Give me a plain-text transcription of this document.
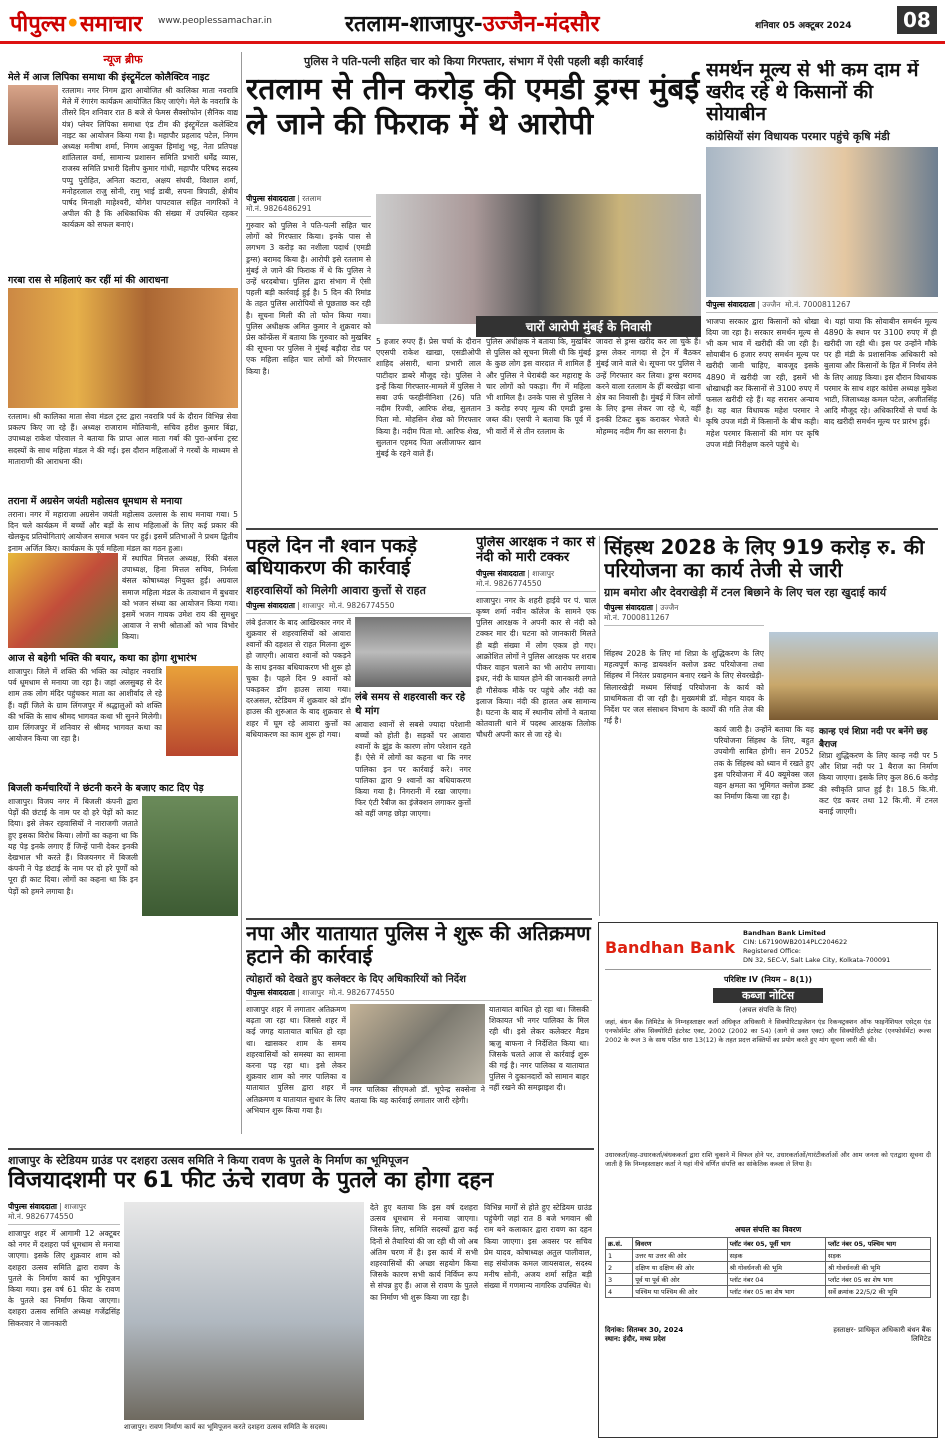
पीपुल्स•समाचार www.peoplessamachar.in	रतलाम-शाजापुर-उज्जैन-मंदसौर	शनिवार 05 अक्टूबर 2024	08
न्यूज ब्रीफ
मेले में आज लिपिका समाधा की इंस्ट्रूमेंटल कोलैक्टिव नाइट
रतलाम। नगर निगम द्वारा आयोजित श्री कालिका माता नवरात्रि मेले में रंगारंग कार्यक्रम आयोजित किए जाएंगे। मेले के नवरात्रि के तीसरे दिन शनिवार रात 8 बजे से फेमस सैक्सोफोन (सैनिक वाद्य यंत्र) प्लेयर लिपिका समाधा एंड टीम की इंस्ट्रूमेंटल कलेक्टिव नाइट का आयोजन किया गया है। महापौर प्रहलाद पटेल, निगम अध्यक्ष मनीषा शर्मा, निगम आयुक्त हिमांशु भट्ट, नेता प्रतिपक्ष शांतिलाल वर्मा, सामान्य प्रशासन समिति प्रभारी धर्मेंद्र व्यास, राजस्व समिति प्रभारी दिलीप कुमार गांधी, महापौर परिषद सदस्य पप्पु पुरोहित, अनिता कटारा, अक्षय संघवी, विशाल शर्मा, मनोहरलाल राजु सोनी, रामु भाई डाबी, सपना त्रिपाठी, क्षेत्रीय पार्षद मिनाक्षी माहेश्वरी, योगेश पापटवाल सहित नागरिकों ने अपील की है कि अधिकाधिक की संख्या में उपस्थित रहकर कार्यक्रम को सफल बनाएं।
गरबा रास से महिलाएं कर रहीं मां की आराधना
रतलाम। श्री कालिका माता सेवा मंडल ट्रस्ट द्वारा नवरात्रि पर्व के दौरान विभिन्न सेवा प्रकल्प किए जा रहे हैं। अध्यक्ष राजाराम मोतियानी, सचिव हरीश कुमार बिंद्रा, उपाध्यक्ष राकेश पोरवाल ने बताया कि प्राप्त आल माता गर्बा की पुरा-अर्चना ट्रस्ट सदस्यों के साथ महिला मंडल ने की गई। इस दौरान महिलाओं ने गरबों के माध्यम से माताराणी की आराधना की।
तराना में अग्रसेन जयंती महोत्सव धूमधाम से मनाया
तराना। नगर में महाराजा अग्रसेन जयंती महोत्सव उल्लास के साथ मनाया गया। 5 दिन चले कार्यक्रम में बच्चों और बड़ों के साथ महिलाओं के लिए कई प्रकार की खेलकूद प्रतियोगिताएं आयोजन समाज भवन पर हुई। इसमें प्रतिभाओं ने प्रथम द्वितीय इनाम अर्जित किए। कार्यक्रम के पूर्व महिला मंडल का गठन हुआ।
में स्थापित मित्तल अध्यक्ष, रिंकी बंसल उपाध्यक्ष, हिना मित्तल सचिव, निर्मला बंसल कोषाध्यक्ष नियुक्त हुईं। अग्रवाल समाज महिला मंडल के तत्वाधान में बुधवार को भजन संध्या का आयोजन किया गया। इसमें भजन गायक उमेश राय की सुमधुर आवाज ने सभी श्रोताओं को भाव विभोर किया।
आज से बहेगी भक्ति की बयार, कथा का होगा शुभारंभ
शाजापुर। जिले में शक्ति की भक्ति का त्योहार नवरात्रि पर्व धूमधाम से मनाया जा रहा है। जहां अलसुबह से देर शाम तक लोग मंदिर पहुंचकर माता का आशीर्वाद ले रहे हैं। वहीं जिले के ग्राम लिंगजपुर में श्रद्धालुओं को शक्ति की भक्ति के साथ श्रीमद भागवत कथा भी सुनने मिलेगी। ग्राम लिंगजपुर में शनिवार से श्रीमद भागवत कथा का आयोजन किया जा रहा है।
बिजली कर्मचारियों ने छंटनी करने के बजाए काट दिए पेड़
शाजापुर। विजय नगर में बिजली कंपनी द्वारा पेड़ों की छंटाई के नाम पर दो हरे पेड़ों को काट दिया। इसे लेकर रहवासियों ने नाराजगी जताते हुए इसका विरोध किया। लोगों का कहना था कि यह पेड़ इनके लगाए हैं जिन्हें पानी देकर इनकी देखभाल भी करते हैं। विजयनगर में बिजली कंपनी ने पेड़ छंटाई के नाम पर दो हरे पूर्णों को पूरा ही काट दिया। लोगों का कहना था कि इन पेड़ों को हमने लगाया है।
पुलिस ने पति-पत्नी सहित चार को किया गिरफ्तार, संभाग में ऐसी पहली बड़ी कार्रवाई
रतलाम से तीन करोड़ की एमडी ड्रग्स मुंबई ले जाने की फिराक में थे आरोपी
पीपुल्स संवाददाता | रतलाम
मो.नं. 9826486291
गुरुवार को पुलिस ने पति-पत्नी सहित चार लोगों को गिरफ्तार किया। इनके पास से लगभग 3 करोड़ का नशीला पदार्थ (एमडी ड्रग्स) बरामद किया है। आरोपी इसे रतलाम से मुंबई ले जाने की फिराक में थे कि पुलिस ने उन्हें धरदबोचा। पुलिस द्वारा संभाग में ऐसी पहली बड़ी कार्रवाई हुई है। 5 दिन की रिमांड के तहत पुलिस आरोपियों से पूछताछ कर रही है। सूचना मिली की तो फोन किया गया। पुलिस अधीक्षक अमित कुमार ने शुक्रवार को प्रेस कॉन्फ्रेंस में बताया कि गुरुवार को मुखबिर की सूचना पर पुलिस ने मुंबई बड़ौदा रोड पर एक महिला सहित चार लोगों को गिरफ्तार किया है।
चारों आरोपी मुंबई के निवासी
5 हजार रुपए हैं। प्रेस चर्चा के दौरान एएसपी राकेश खाखा, एसडीओपी शाहिद अंसारी, थाना प्रभारी लाल पाटीदार डाबरे मौजूद रहे। पुलिस ने इन्हें किया गिरफ्तार-मामले में पुलिस ने सबा उर्फ फरहीनीनिशा (26) पति नदीम रिज्वी, आरिफ शेख, सुलतान पिता मो. मोहसिन शेख को गिरफ्तार किया है। नदीम पिता मो. आरिफ शेख, सुलतान एहमद पिता अलीजाफर खान मुंबई के रहने वाले हैं।
पुलिस अधीक्षक ने बताया कि, मुखबिर से पुलिस को सूचना मिली थी कि मुंबई के कुछ लोग इस वारदात में शामिल हैं और पुलिस ने घेराबंदी कर महाराष्ट्र के चार लोगों को पकड़ा। गैंग में महिला भी शामिल है। उनके पास से पुलिस ने 3 करोड़ रुपए मूल्य की एमडी ड्रग्स जब्त की। एसपी ने बताया कि पूर्व में भी वारों में से तीन रतलाम के
जावरा से ड्रग्स खरीद कर ला चुके हैं। ड्रग्स लेकर नागदा से ट्रेन में बैठकर मुंबई जाने वाले थे। सूचना पर पुलिस ने उन्हें गिरफ्तार कर लिया। ड्रग्स बरामद करने वाला रतलाम के हीं बरखेड़ा थाना क्षेत्र का निवासी है। मुंबई में जिन लोगों के लिए ड्रग्स लेकर जा रहे थे, वहीं इनकी टिकट बुक कराकर भेजते थे। मोहम्मद नदीम गैंग का सरगना है।
समर्थन मूल्य से भी कम दाम में खरीद रहे थे किसानों की सोयाबीन
कांग्रेसियों संग विधायक परमार पहुंचे कृषि मंडी
पीपुल्स संवाददाता | उज्जैन मो.नं. 7000811267
भाजपा सरकार द्वारा किसानों को धोखा दिया जा रहा है। सरकार समर्थन मूल्य से भी कम भाव में खरीदी की जा रही है। सोयाबीन 6 हजार रुपए समर्थन मूल्य पर खरीदी जानी चाहिए, बावजूद इसके 4890 में खरीदी जा रही, इसमें भी धोखाधड़ी कर किसानों से 3100 रुपए में फसल खरीदी रहे हैं। यह सरासर अन्याय है। यह बात विधायक महेश परमार ने कृषि उपज मंडी में किसानों के बीच कही। महेश परमार किसानों की मांग पर कृषि उपज मंडी निरीक्षण करने पहुंचे थे।
थे। यहां पाया कि सोयाबीन समर्थन मूल्य 4890 के स्थान पर 3100 रुपए में ही खरीदी जा रही थी। इस पर उन्होंने मौके पर ही मंडी के प्रशासनिक अधिकारी को बुलाया और किसानों के हित में निर्णय लेने के लिए आग्रह किया। इस दौरान विधायक परमार के साथ शहर कांग्रेस अध्यक्ष मुकेश भाटी, जिलाध्यक्ष कमल पटेल, अजीतसिंह आदि मौजूद रहे। अधिकारियों से चर्चा के बाद खरीदी समर्थन मूल्य पर प्रारंभ हुई।
पहले दिन नौ श्वान पकड़े बधियाकरण की कार्रवाई
शहरवासियों को मिलेगी आवारा कुत्तों से राहत
पीपुल्स संवाददाता | शाजापुर मो.नं. 9826774550
लंबे इंतजार के बाद आखिरकार नगर में शुक्रवार से शहरवासियों को आवारा श्वानों की दहशत से राहत मिलना शुरू हो जाएगी। आवारा श्वानों को पकड़ने के साथ इनका बधियाकरण भी शुरू हो चुका है। पहले दिन 9 श्वानों को पकड़कर डॉग हाउस लाया गया। दरअसल, स्टेडियम में शुक्रवार को डॉग हाउस की शुरुआत के बाद शुक्रवार से शहर में घूम रहे आवारा कुत्तों का बधियाकरण का काम शुरू हो गया।
लंबे समय से शहरवासी कर रहे थे मांग
आवारा श्वानों से सबसे ज्यादा परेशानी बच्चों को होती है। सड़कों पर आवारा श्वानों के झुंड के कारण लोग परेशान रहते हैं। ऐसे में लोगों का कहना था कि नगर पालिका इन पर कार्रवाई करे। नगर पालिका द्वारा 9 श्वानों का बधियाकरण किया गया है। निगरानी में रखा जाएगा। फिर एंटी रैबीज का इंजेक्शन लगाकर कुत्तों को वहीं जगह छोड़ा जाएगा।
पुलिस आरक्षक ने कार से नंदी को मारी टक्कर
पीपुल्स संवाददाता | शाजापुर
मो.नं. 9826774550
शाजापुर। नगर के शहरी हाईवे पर पं. चाल कृष्ण शर्मा नवीन कॉलेज के सामने एक पुलिस आरक्षक ने अपनी कार से नंदी को टक्कर मार दी। घटना को जानकारी मिलते ही बड़ी संख्या में लोग एकत्र हो गए। आक्रोशित लोगों ने पुलिस आरक्षक पर शराब पीकर वाहन चलाने का भी आरोप लगाया। इधर, नंदी के घायल होने की जानकारी लगते ही गौसेवक मौके पर पहुंचे और नंदी का इलाज किया। नंदी की हालत अब सामान्य है। घटना के बाद में स्थानीय लोगों ने बताया कोतवाली थाने में पदस्थ आरक्षक तिलोक चौधरी अपनी कार से जा रहे थे।
सिंहस्थ 2028 के लिए 919 करोड़ रु. की परियोजना का कार्य तेजी से जारी
ग्राम बमोरा और देवराखेड़ी में टनल बिछाने के लिए चल रहा खुदाई कार्य
पीपुल्स संवाददाता | उज्जैन
मो.नं. 7000811267
सिंहस्थ 2028 के लिए मां शिप्रा के शुद्धिकरण के लिए महत्वपूर्ण कान्ह डायवर्शन क्लोज डक्ट परियोजना तथा सिंहस्थ में निरंतर प्रवाहमान बनाए रखने के लिए सेवरखेड़ी-सिलारखेड़ी मध्यम सिंचाई परियोजना के कार्य को प्राथमिकता दी जा रही है। मुख्यमंत्री डॉ. मोहन यादव के निर्देश पर जल संसाधन विभाग के कार्यों की गति तेज की गई है।
कार्य जारी है। उन्होंने बताया कि यह परियोजना सिंहस्थ के लिए, बहुत उपयोगी साबित होगी। सन 2052 तक के सिंहस्थ को ध्यान में रखते हुए इस परियोजना में 40 क्यूमेक्स जल वहन क्षमता का भूमिगत क्लोज डक्ट का निर्माण किया जा रहा है।
कान्ह एवं शिप्रा नदी पर बनेंगे छह बैराज
शिप्रा शुद्धिकरण के लिए कान्ह नदी पर 5 और शिप्रा नदी पर 1 बैराज का निर्माण किया जाएगा। इसके लिए कुल 86.6 करोड़ की स्वीकृति प्राप्त हुई है। 18.5 कि.मी. कट एंड कवर तथा 12 कि.मी. में टनल बनाई जाएगी।
नपा और यातायात पुलिस ने शुरू की अतिक्रमण हटाने की कार्रवाई
त्योहारों को देखते हुए कलेक्टर के दिए अधिकारियों को निर्देश
पीपुल्स संवाददाता | शाजापुर मो.नं. 9826774550
शाजापुर शहर में लगातार अतिक्रमण बढ़ता जा रहा था। जिससे शहर में कई जगह यातायात बाधित हो रहा था। खासकर शाम के समय शहरवासियों को समस्या का सामना करना पड़ रहा था। इसे लेकर शुक्रवार शाम को नगर पालिका व यातायात पुलिस द्वारा शहर में अतिक्रमण व यातायात सुधार के लिए अभियान शुरू किया गया है।
नगर पालिका सीएमओ डॉ. भूपेन्द्र सक्सेना ने बताया कि यह कार्रवाई लगातार जारी रहेगी।
यातायात बाधित हो रहा था। जिसकी शिकायत भी नगर पालिका के मिल रही थी। इसे लेकर कलेक्टर मैडम ऋजु बाफना ने निर्देशित किया था। जिसके चलते आज से कार्रवाई शुरू की गई है। नगर पालिका व यातायात पुलिस ने दुकानदारों को सामान बाहर नहीं रखने की समझाइश दी।
शाजापुर के स्टेडियम ग्राउंड पर दशहरा उत्सव समिति ने किया रावण के पुतले के निर्माण का भूमिपूजन
विजयादशमी पर 61 फीट ऊंचे रावण के पुतले का होगा दहन
पीपुल्स संवाददाता | शाजापुर
मो.नं. 9826774550
शाजापुर शहर में आगामी 12 अक्टूबर को नगर में दशहरा पर्व धूमधाम से मनाया जाएगा। इसके लिए शुक्रवार शाम को दशहरा उत्सव समिति द्वारा रावण के पुतले के निर्माण कार्य का भूमिपूजन किया गया। इस वर्ष 61 फीट के रावण के पुतले का निर्माण किया जाएगा। दशहरा उत्सव समिति अध्यक्ष गजेंद्रसिंह सिकरवार ने जानकारी
शाजापुर। रावण निर्माण कार्य का भूमिपूजन करते दशहरा उत्सव समिति के सदस्य।
देते हुए बताया कि इस वर्ष दशहरा उत्सव धूमधाम से मनाया जाएगा। जिसके लिए, समिति सदस्यों द्वारा कई दिनों से तैयारियां की जा रही थी जो अब अंतिम चरण में है। इस कार्य में सभी शहरवासियों की अच्छा सहयोग किया जिसके कारण सभी कार्य निर्विघ्न रूप से संपन्न हुए हैं। आज से रावण के पुतले का निर्माण भी शुरू किया जा रहा है।
विभिन्न मार्गों से होते हुए स्टेडियम ग्राउंड पहुंचेगी जहां रात 8 बजे भगवान श्री राम बने कलाकार द्वारा रावण का दहन किया जाएगा। इस अवसर पर सचिव प्रेम यादव, कोषाध्यक्ष अतुल पालीवाल, सह संयोजक कमल जायसवाल, सदस्य मनीष सोनी, अजय शर्मा सहित बड़ी संख्या में गणमान्य नागरिक उपस्थित थे।
Bandhan Bank
Bandhan Bank Limited
CIN: L67190WB2014PLC204622
Registered Office:
DN 32, SEC-V, Salt Lake City, Kolkata-700091
परिशिष्ट IV (नियम – 8(1))
कब्जा नोटिस
(अचल संपत्ति के लिए)
जहां, बंधन बैंक लिमिटेड के निम्नहस्ताक्षर कर्ता अधिकृत अधिकारी ने सिक्योरिटाइजेशन एंड रिकन्स्ट्रक्शन ऑफ फाइनेंशियल एसेट्स एंड एनफोर्समेंट ऑफ सिक्योरिटी इंटरेस्ट एक्ट, 2002 (2002 का 54) (आगे से उक्त एक्ट) और सिक्योरिटी इंटरेस्ट (एनफोर्समेंट) रूल्स 2002 के रूल 3 के साथ पठित धारा 13(12) के तहत प्रदत्त शक्तियों का प्रयोग करते हुए मांग सूचना जारी की थी।
उधारकर्ता/सह-उधारकर्ता/बंधककर्ता द्वारा राशि चुकाने में विफल होने पर, उधारकर्ताओं/गारंटीकर्ताओं और आम जनता को एतद्वारा सूचना दी जाती है कि निम्नहस्ताक्षर कर्ता ने यहां नीचे वर्णित संपत्ति का सांकेतिक कब्जा ले लिया है।
अचल संपत्ति का विवरण
क्र.सं.	विवरण	प्लॉट नंबर 05, पूर्वी भाग	प्लॉट नंबर 05, पश्चिम भाग
1	उत्तर या उत्तर की ओर	सड़क	सड़क
2	दक्षिण या दक्षिण की ओर	श्री गोवर्धनजी की भूमि	श्री गोवर्धनजी की भूमि
3	पूर्व या पूर्व की ओर	प्लॉट नंबर 04	प्लॉट नंबर 05 का शेष भाग
4	पश्चिम या पश्चिम की ओर	प्लॉट नंबर 05 का शेष भाग	सर्वे क्रमांक 22/5/2 की भूमि
दिनांक: सितम्बर 30, 2024
स्थान: इंदौर, मध्य प्रदेश
हस्ताक्षर- प्राधिकृत अधिकारी बंधन बैंक लिमिटेड
